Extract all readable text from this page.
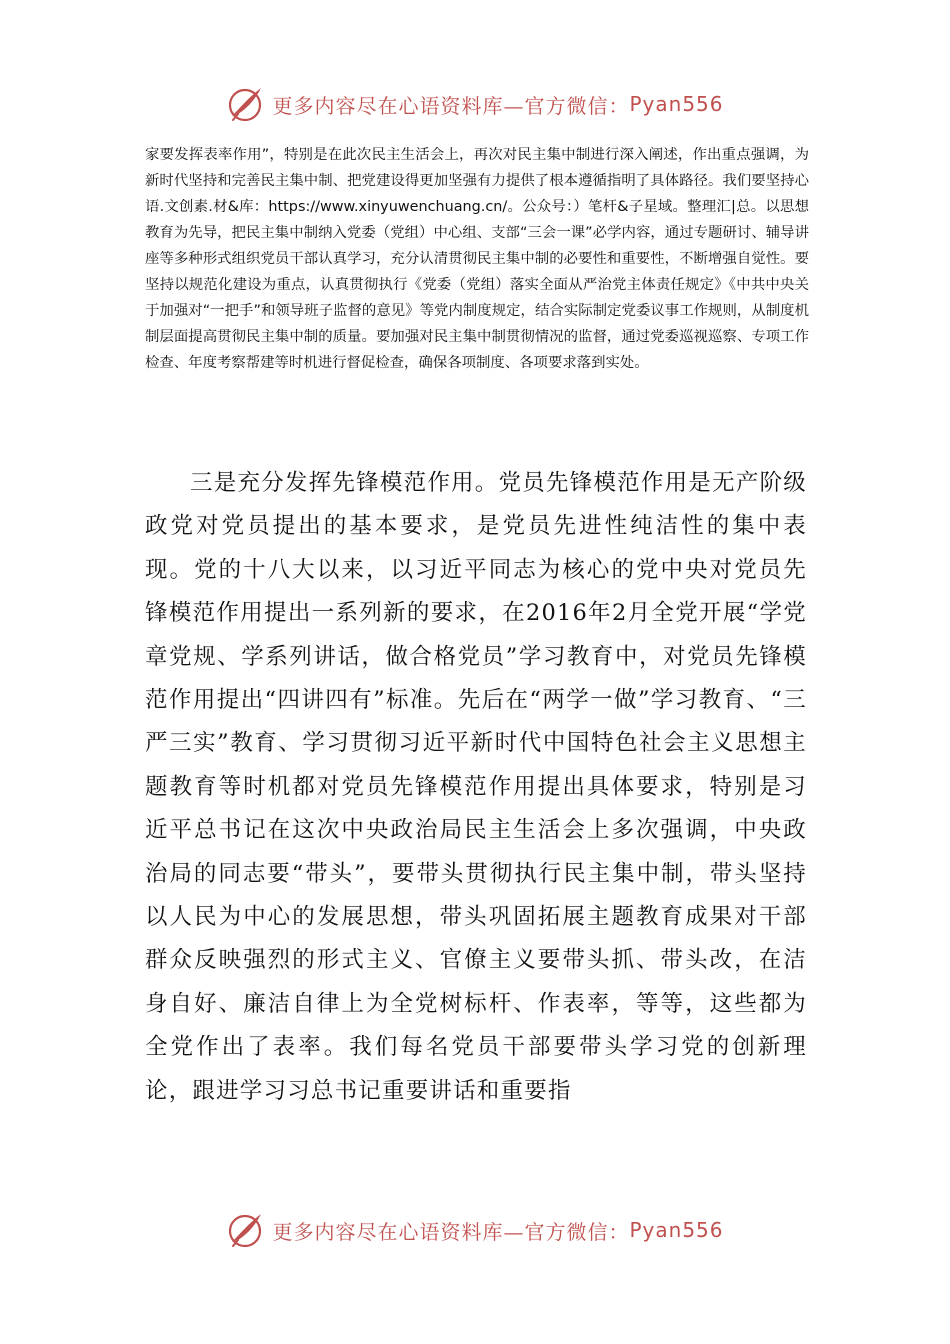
更多内容尽在心语资料库—官方微信： Pyan556

家要发挥表率作用”，特别是在此次民主生活会上，再次对民主集中制进行深入阐述，作出重点强调，为新时代坚持和完善民主集中制、把党建设得更加坚强有力提供了根本遵循指明了具体路径。我们要坚持心语.文创素.材&库：https://www.xinyuwenchuang.cn/。公众号：）笔杆&子星域。整理汇|总。以思想教育为先导，把民主集中制纳入党委（党组）中心组、支部“三会一课”必学内容，通过专题研讨、辅导讲座等多种形式组织党员干部认真学习，充分认清贯彻民主集中制的必要性和重要性，不断增强自觉性。要坚持以规范化建设为重点，认真贯彻执行《党委（党组）落实全面从严治党主体责任规定》《中共中央关于加强对“一把手”和领导班子监督的意见》等党内制度规定，结合实际制定党委议事工作规则，从制度机制层面提高贯彻民主集中制的质量。要加强对民主集中制贯彻情况的监督，通过党委巡视巡察、专项工作检查、年度考察帮建等时机进行督促检查，确保各项制度、各项要求落到实处。

三是充分发挥先锋模范作用。党员先锋模范作用是无产阶级政党对党员提出的基本要求，是党员先进性纯洁性的集中表现。党的十八大以来，以习近平同志为核心的党中央对党员先锋模范作用提出一系列新的要求，在2016年2月全党开展“学党章党规、学系列讲话，做合格党员”学习教育中，对党员先锋模范作用提出“四讲四有”标准。先后在“两学一做”学习教育、“三严三实”教育、学习贯彻习近平新时代中国特色社会主义思想主题教育等时机都对党员先锋模范作用提出具体要求，特别是习近平总书记在这次中央政治局民主生活会上多次强调，中央政治局的同志要“带头”，要带头贯彻执行民主集中制，带头坚持以人民为中心的发展思想，带头巩固拓展主题教育成果对干部群众反映强烈的形式主义、官僚主义要带头抓、带头改，在洁身自好、廉洁自律上为全党树标杆、作表率，等等，这些都为全党作出了表率。我们每名党员干部要带头学习党的创新理论，跟进学习习总书记重要讲话和重要指

更多内容尽在心语资料库—官方微信： Pyan556
